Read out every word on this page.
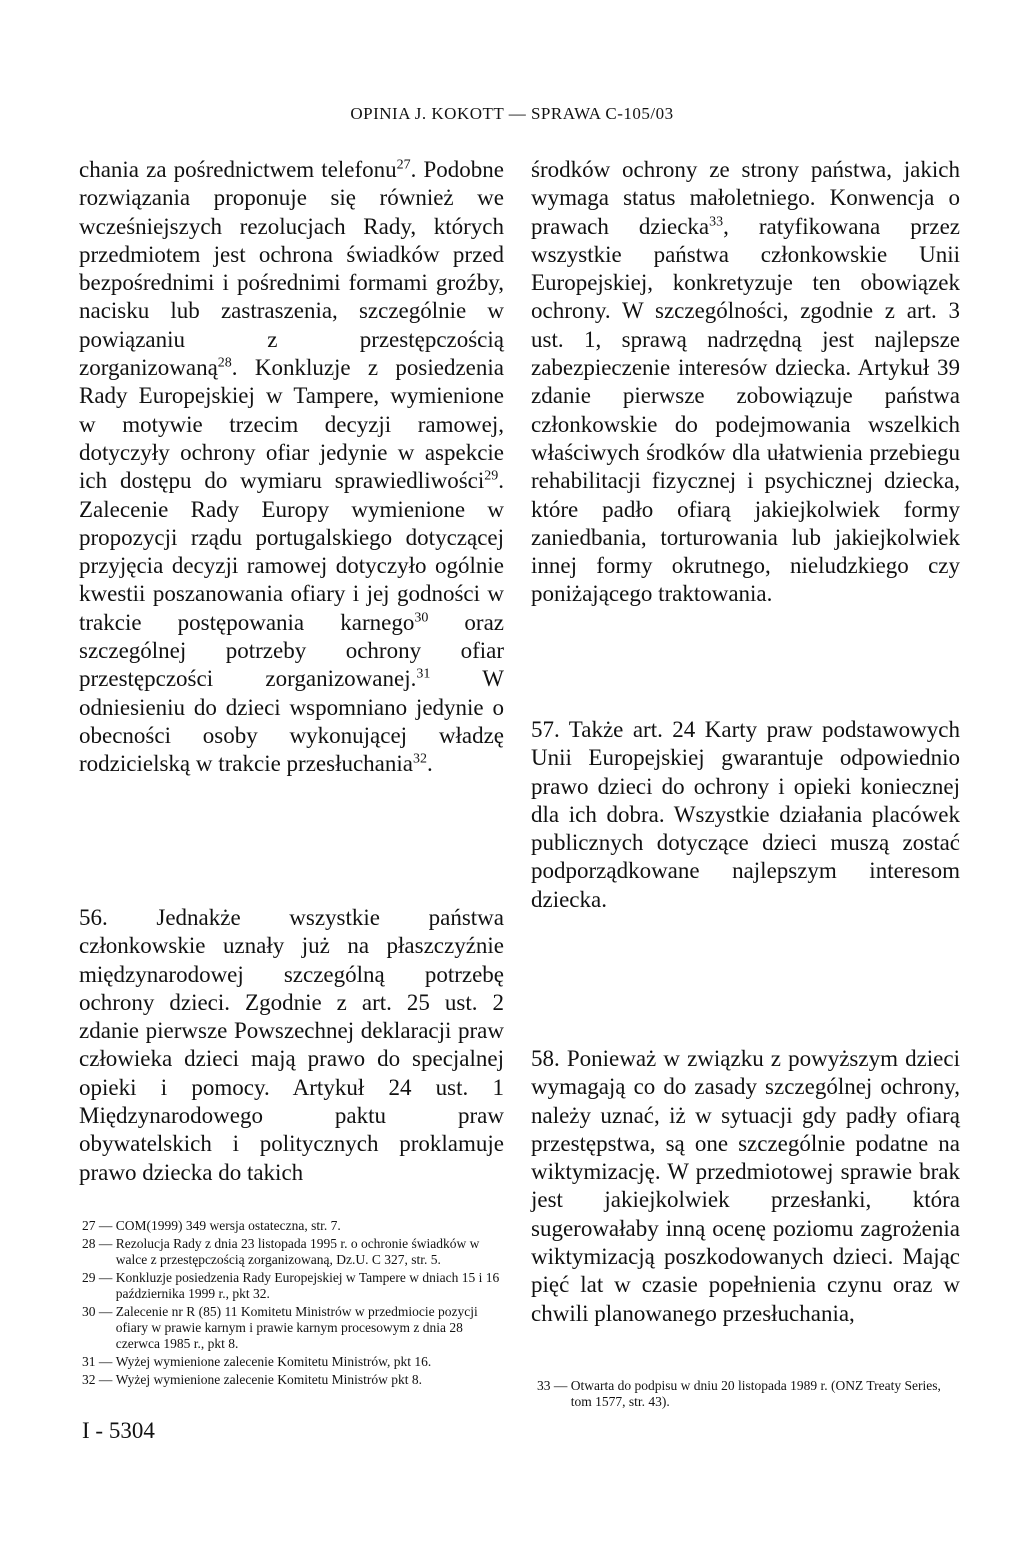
OPINIA J. KOKOTT — SPRAWA C-105/03

chania za pośrednictwem telefonu$^{27}$. Podobne rozwiązania proponuje się również we wcześniejszych rezolucjach Rady, których przedmiotem jest ochrona świadków przed bezpośrednimi i pośrednimi formami groźby, nacisku lub zastraszenia, szczególnie w powiązaniu z przestępczością zorganizowaną$^{28}$. Konkluzje z posiedzenia Rady Europejskiej w Tampere, wymienione w motywie trzecim decyzji ramowej, dotyczyły ochrony ofiar jedynie w aspekcie ich dostępu do wymiaru sprawiedliwości$^{29}$. Zalecenie Rady Europy wymienione w propozycji rządu portugalskiego dotyczącej przyjęcia decyzji ramowej dotyczyło ogólnie kwestii poszanowania ofiary i jej godności w trakcie postępowania karnego$^{30}$ oraz szczególnej potrzeby ochrony ofiar przestępczości zorganizowanej.$^{31}$ W odniesieniu do dzieci wspomniano jedynie o obecności osoby wykonującej władzę rodzicielską w trakcie przesłuchania$^{32}$.

56. Jednakże wszystkie państwa członkowskie uznały już na płaszczyźnie międzynarodowej szczególną potrzebę ochrony dzieci. Zgodnie z art. 25 ust. 2 zdanie pierwsze Powszechnej deklaracji praw człowieka dzieci mają prawo do specjalnej opieki i pomocy. Artykuł 24 ust. 1 Międzynarodowego paktu praw obywatelskich i politycznych proklamuje prawo dziecka do takich

środków ochrony ze strony państwa, jakich wymaga status małoletniego. Konwencja o prawach dziecka$^{33}$, ratyfikowana przez wszystkie państwa członkowskie Unii Europejskiej, konkretyzuje ten obowiązek ochrony. W szczególności, zgodnie z art. 3 ust. 1, sprawą nadrzędną jest najlepsze zabezpieczenie interesów dziecka. Artykuł 39 zdanie pierwsze zobowiązuje państwa członkowskie do podejmowania wszelkich właściwych środków dla ułatwienia przebiegu rehabilitacji fizycznej i psychicznej dziecka, które padło ofiarą jakiejkolwiek formy zaniedbania, torturowania lub jakiejkolwiek innej formy okrutnego, nieludzkiego czy poniżającego traktowania.

57. Także art. 24 Karty praw podstawowych Unii Europejskiej gwarantuje odpowiednio prawo dzieci do ochrony i opieki koniecznej dla ich dobra. Wszystkie działania placówek publicznych dotyczące dzieci muszą zostać podporządkowane najlepszym interesom dziecka.

58. Ponieważ w związku z powyższym dzieci wymagają co do zasady szczególnej ochrony, należy uznać, iż w sytuacji gdy padły ofiarą przestępstwa, są one szczególnie podatne na wiktymizację. W przedmiotowej sprawie brak jest jakiejkolwiek przesłanki, która sugerowałaby inną ocenę poziomu zagrożenia wiktymizacją poszkodowanych dzieci. Mając pięć lat w czasie popełnienia czynu oraz w chwili planowanego przesłuchania,

27 —
COM(1999) 349 wersja ostateczna, str. 7.
28 —
Rezolucja Rady z dnia 23 listopada 1995 r. o ochronie świadków w walce z przestępczością zorganizowaną, Dz.U. C 327, str. 5.
29 —
Konkluzje posiedzenia Rady Europejskiej w Tampere w dniach 15 i 16 października 1999 r., pkt 32.
30 —
Zalecenie nr R (85) 11 Komitetu Ministrów w przedmiocie pozycji ofiary w prawie karnym i prawie karnym procesowym z dnia 28 czerwca 1985 r., pkt 8.
31 —
Wyżej wymienione zalecenie Komitetu Ministrów, pkt 16.
32 —
Wyżej wymienione zalecenie Komitetu Ministrów pkt 8.	33 —
Otwarta do podpisu w dniu 20 listopada 1989 r. (ONZ Treaty Series, tom 1577, str. 43).
I - 5304
